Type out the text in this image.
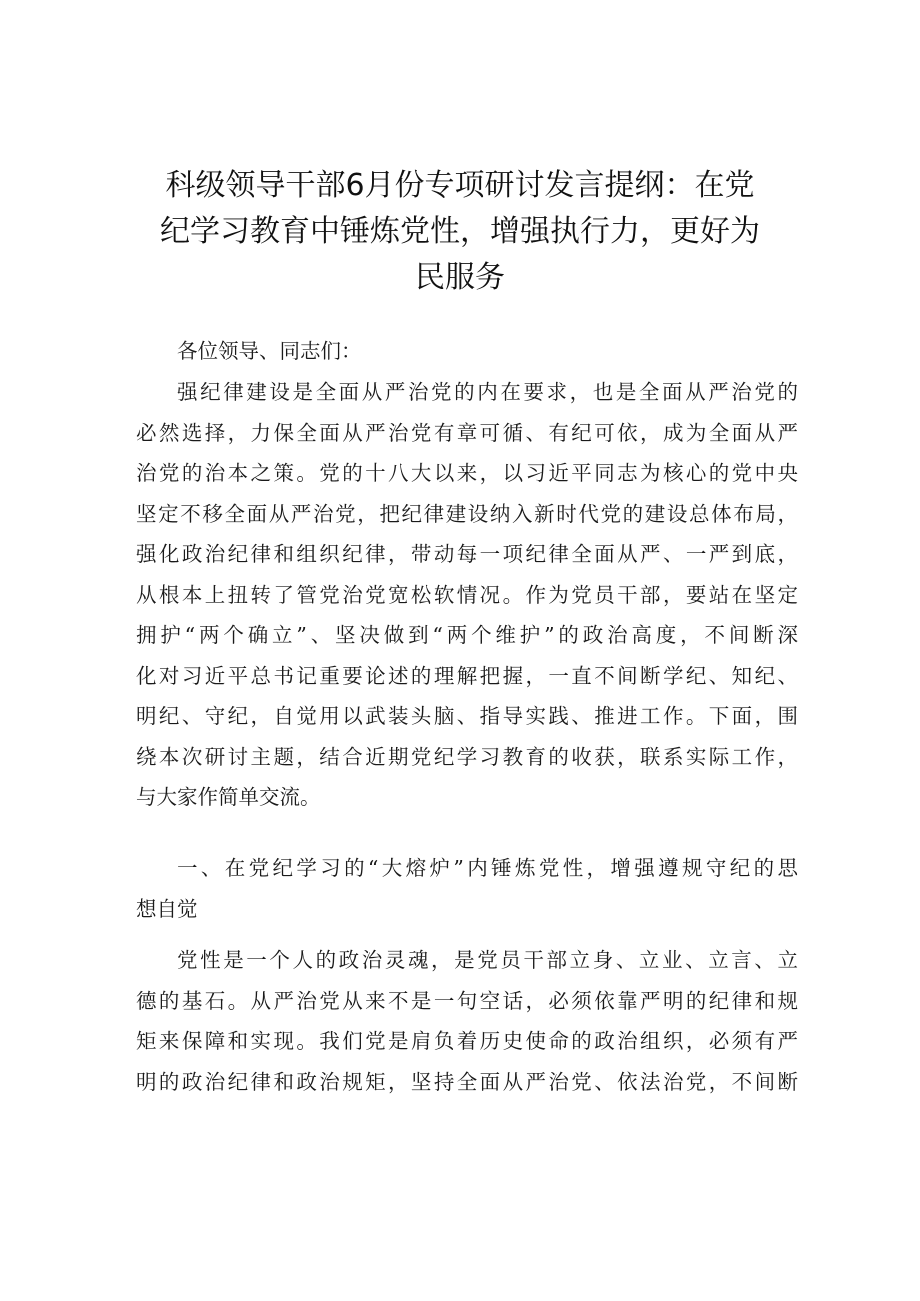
科级领导干部6月份专项研讨发言提纲：在党
纪学习教育中锤炼党性，增强执行力，更好为
民服务
各位领导、同志们：
强纪律建设是全面从严治党的内在要求，也是全面从严治党的
必然选择，力保全面从严治党有章可循、有纪可依，成为全面从严
治党的治本之策。党的十八大以来，以习近平同志为核心的党中央
坚定不移全面从严治党，把纪律建设纳入新时代党的建设总体布局，
强化政治纪律和组织纪律，带动每一项纪律全面从严、一严到底，
从根本上扭转了管党治党宽松软情况。作为党员干部，要站在坚定
拥护“两个确立”、坚决做到“两个维护”的政治高度，不间断深
化对习近平总书记重要论述的理解把握，一直不间断学纪、知纪、
明纪、守纪，自觉用以武装头脑、指导实践、推进工作。下面，围
绕本次研讨主题，结合近期党纪学习教育的收获，联系实际工作，
与大家作简单交流。
一、在党纪学习的“大熔炉”内锤炼党性，增强遵规守纪的思
想自觉
党性是一个人的政治灵魂，是党员干部立身、立业、立言、立
德的基石。从严治党从来不是一句空话，必须依靠严明的纪律和规
矩来保障和实现。我们党是肩负着历史使命的政治组织，必须有严
明的政治纪律和政治规矩，坚持全面从严治党、依法治党，不间断
